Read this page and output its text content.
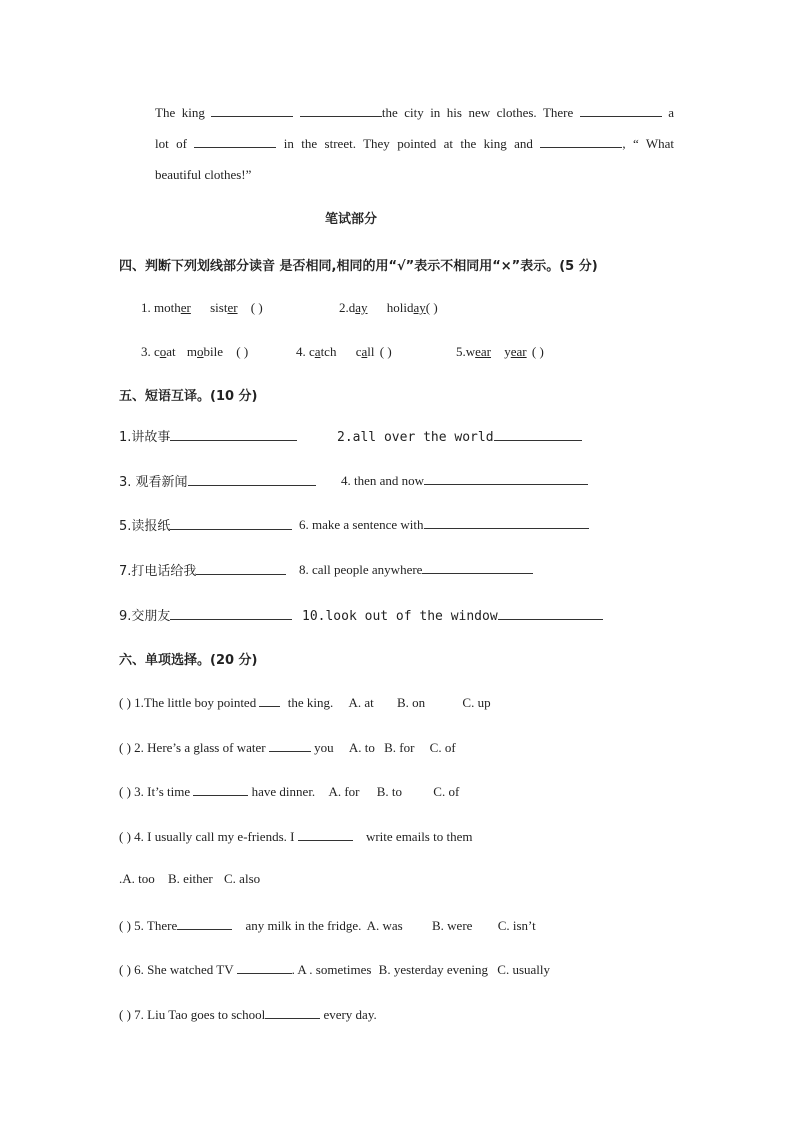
The king	the city in his new clothes. There	a
lot of	in the street. They pointed at the king and	, “ What
beautiful clothes!”
笔试部分
四、判断下列划线部分读音 是否相同,相同的用“√”表示不相同用“×”表示。(5 分)
1. mother sister ( )	2.day holiday( )
3. coat mobile ( )	4. catch call ( )	5.wear year ( )
五、短语互译。(10 分)
1.讲故事	2.all over the world
3. 观看新闻	4. then and now
5.读报纸	6. make a sentence with
7.打电话给我	8. call people anywhere
9.交朋友	10.look out of the window
六、单项选择。(20 分)
( ) 1.The little boy pointed the king. A. at B. on	C. up
( ) 2. Here’s a glass of water	you A. to B. for C. of
( ) 3. It’s time	have dinner. A. for B. to C. of
( ) 4. I usually call my e-friends. I	write emails to them
.A. too B. either C. also
( ) 5. There	any milk in the fridge. A. was B. were C. isn’t
( ) 6. She watched TV	. A . sometimes B. yesterday evening C. usually
( ) 7. Liu Tao goes to school	every day.
